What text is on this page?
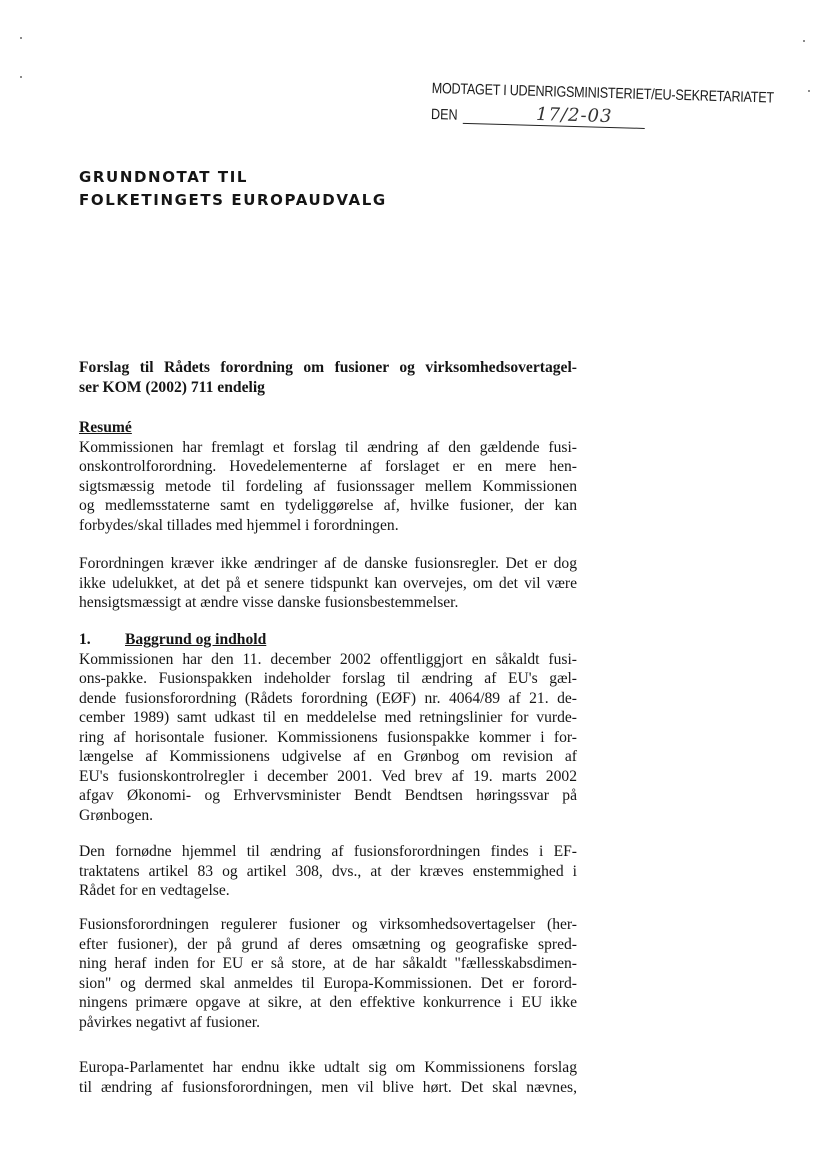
MODTAGET I UDENRIGSMINISTERIET/EU-SEKRETARIATET
DEN	17/2-03
GRUNDNOTAT TIL
FOLKETINGETS EUROPAUDVALG
Forslag til Rådets forordning om fusioner og virksomhedsovertagel-
ser KOM (2002) 711 endelig
Resumé
Kommissionen har fremlagt et forslag til ændring af den gældende fusi-
onskontrolforordning. Hovedelementerne af forslaget er en mere hen-
sigtsmæssig metode til fordeling af fusionssager mellem Kommissionen
og medlemsstaterne samt en tydeliggørelse af, hvilke fusioner, der kan
forbydes/skal tillades med hjemmel i forordningen.
Forordningen kræver ikke ændringer af de danske fusionsregler. Det er dog
ikke udelukket, at det på et senere tidspunkt kan overvejes, om det vil være
hensigtsmæssigt at ændre visse danske fusionsbestemmelser.
1. Baggrund og indhold
Kommissionen har den 11. december 2002 offentliggjort en såkaldt fusi-
ons-pakke. Fusionspakken indeholder forslag til ændring af EU's gæl-
dende fusionsforordning (Rådets forordning (EØF) nr. 4064/89 af 21. de-
cember 1989) samt udkast til en meddelelse med retningslinier for vurde-
ring af horisontale fusioner. Kommissionens fusionspakke kommer i for-
længelse af Kommissionens udgivelse af en Grønbog om revision af
EU's fusionskontrolregler i december 2001. Ved brev af 19. marts 2002
afgav Økonomi- og Erhvervsminister Bendt Bendtsen høringssvar på
Grønbogen.
Den fornødne hjemmel til ændring af fusionsforordningen findes i EF-
traktatens artikel 83 og artikel 308, dvs., at der kræves enstemmighed i
Rådet for en vedtagelse.
Fusionsforordningen regulerer fusioner og virksomhedsovertagelser (her-
efter fusioner), der på grund af deres omsætning og geografiske spred-
ning heraf inden for EU er så store, at de har såkaldt "fællesskabsdimen-
sion" og dermed skal anmeldes til Europa-Kommissionen. Det er forord-
ningens primære opgave at sikre, at den effektive konkurrence i EU ikke
påvirkes negativt af fusioner.
Europa-Parlamentet har endnu ikke udtalt sig om Kommissionens forslag
til ændring af fusionsforordningen, men vil blive hørt. Det skal nævnes,
